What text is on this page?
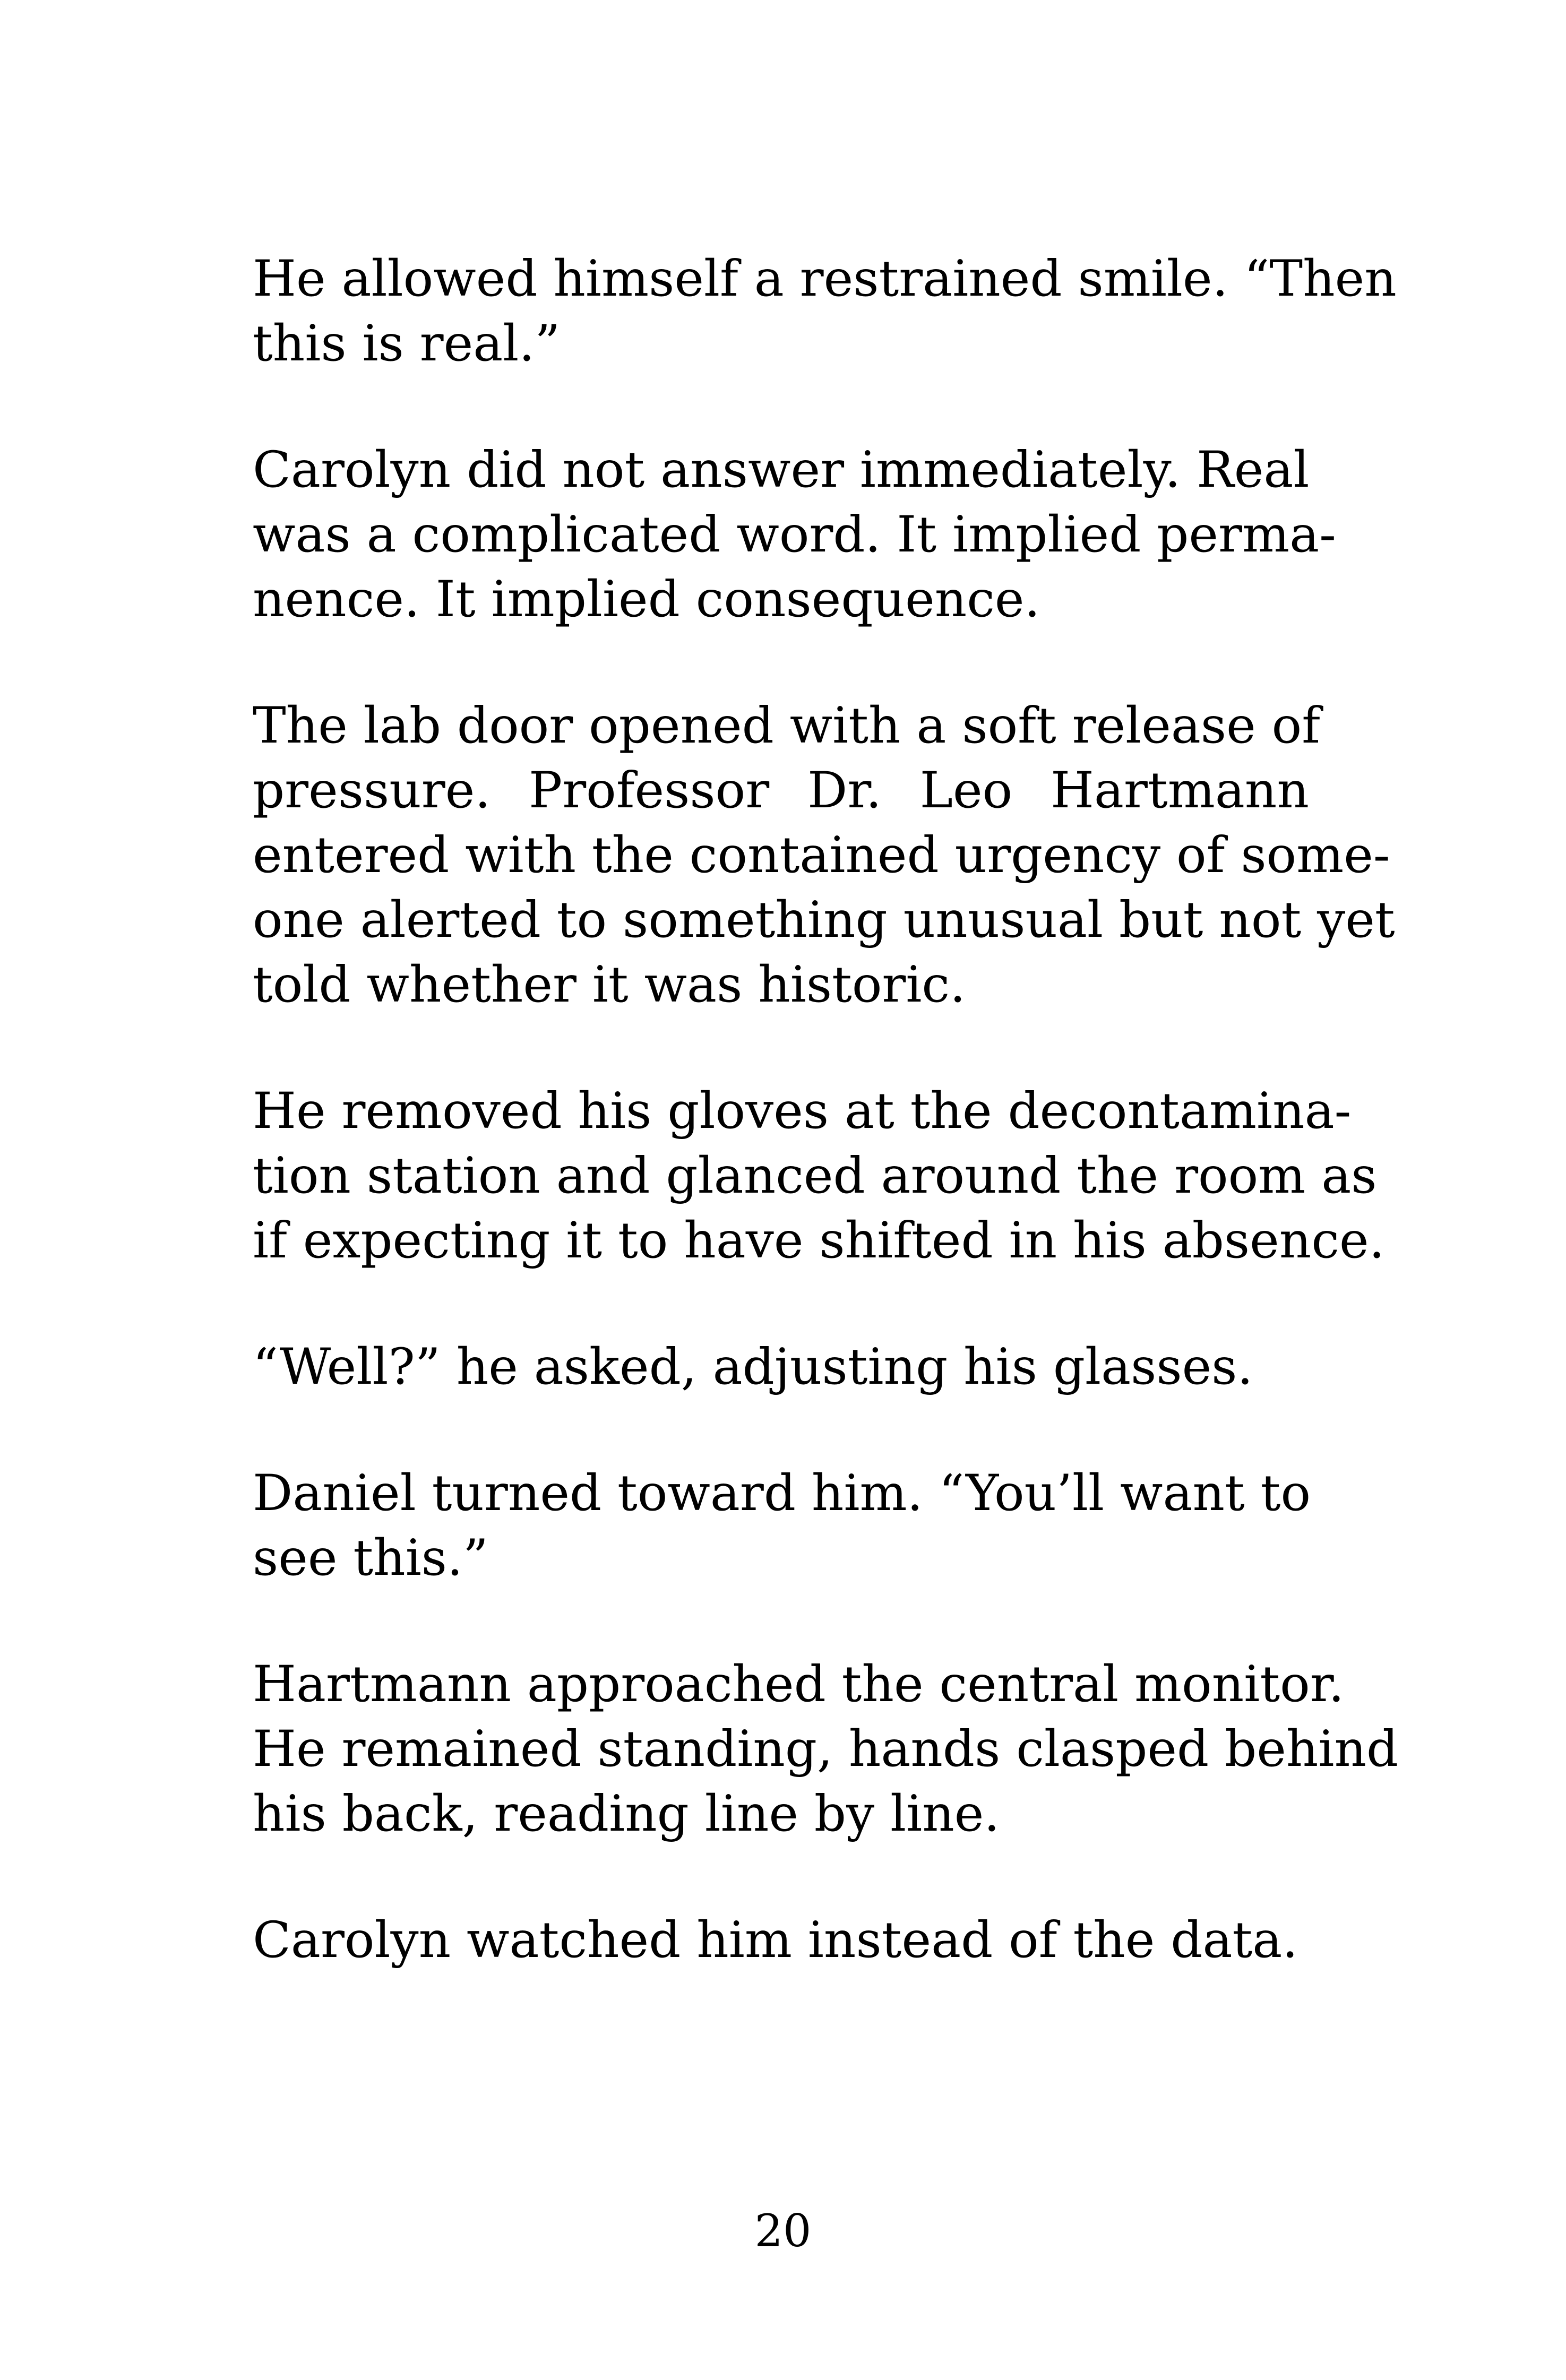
He allowed himself a restrained smile. “Then
this is real.”
Carolyn did not answer immediately. Real
was a complicated word. It implied perma-
nence. It implied consequence.
The lab door opened with a soft release of
pressure. Professor Dr. Leo Hartmann
entered with the contained urgency of some-
one alerted to something unusual but not yet
told whether it was historic.
He removed his gloves at the decontamina-
tion station and glanced around the room as
if expecting it to have shifted in his absence.
“Well?” he asked, adjusting his glasses.
Daniel turned toward him. “You’ll want to
see this.”
Hartmann approached the central monitor.
He remained standing, hands clasped behind
his back, reading line by line.
Carolyn watched him instead of the data.
20
